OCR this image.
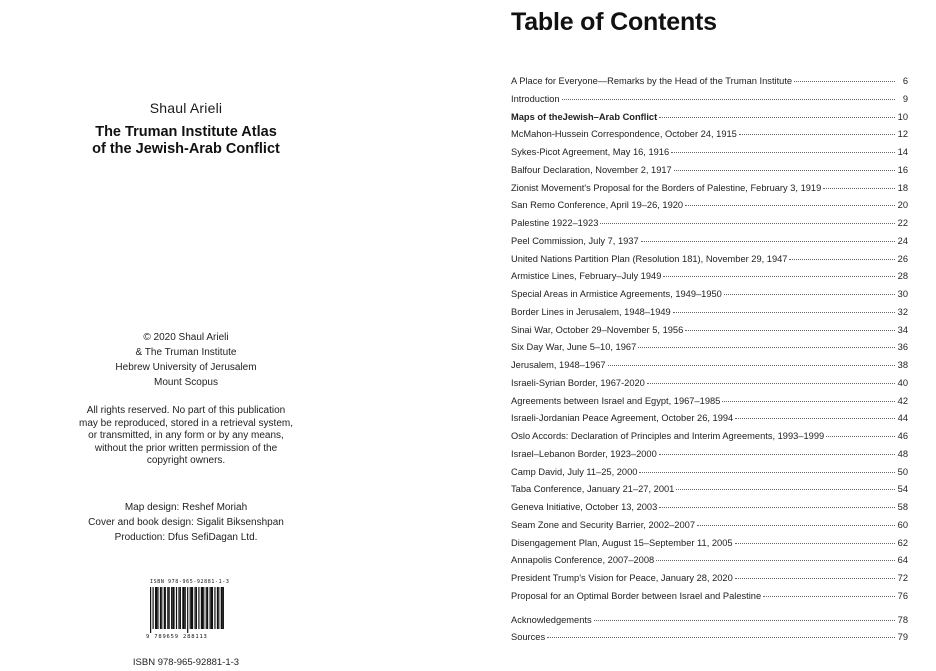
Shaul Arieli
The Truman Institute Atlas
of the Jewish-Arab Conflict
© 2020 Shaul Arieli
& The Truman Institute
Hebrew University of Jerusalem
Mount Scopus
All rights reserved. No part of this publication
may be reproduced, stored in a retrieval system,
or transmitted, in any form or by any means,
without the prior written permission of the
copyright owners.
Map design: Reshef Moriah
Cover and book design: Sigalit Biksenshpan
Production: Dfus SefiDagan Ltd.
ISBN 978-965-92881-1-3
9 789659 288113
ISBN 978-965-92881-1-3
Table of Contents
A Place for Everyone—Remarks by the Head of the Truman Institute	6
Introduction	9
Maps of theJewish–Arab Conflict	10
McMahon-Hussein Correspondence, October 24, 1915	12
Sykes-Picot Agreement, May 16, 1916	14
Balfour Declaration, November 2, 1917	16
Zionist Movement's Proposal for the Borders of Palestine, February 3, 1919	18
San Remo Conference, April 19–26, 1920	20
Palestine 1922–1923	22
Peel Commission, July 7, 1937	24
United Nations Partition Plan (Resolution 181), November 29, 1947	26
Armistice Lines, February–July 1949	28
Special Areas in Armistice Agreements, 1949–1950	30
Border Lines in Jerusalem, 1948–1949	32
Sinai War, October 29–November 5, 1956	34
Six Day War, June 5–10, 1967	36
Jerusalem, 1948–1967	38
Israeli-Syrian Border, 1967-2020	40
Agreements between Israel and Egypt, 1967–1985	42
Israeli-Jordanian Peace Agreement, October 26, 1994	44
Oslo Accords: Declaration of Principles and Interim Agreements, 1993–1999	46
Israel–Lebanon Border, 1923–2000	48
Camp David, July 11–25, 2000	50
Taba Conference, January 21–27, 2001	54
Geneva Initiative, October 13, 2003	58
Seam Zone and Security Barrier, 2002–2007	60
Disengagement Plan, August 15–September 11, 2005	62
Annapolis Conference, 2007–2008	64
President Trump's Vision for Peace, January 28, 2020	72
Proposal for an Optimal Border between Israel and Palestine	76
Acknowledgements	78
Sources	79
